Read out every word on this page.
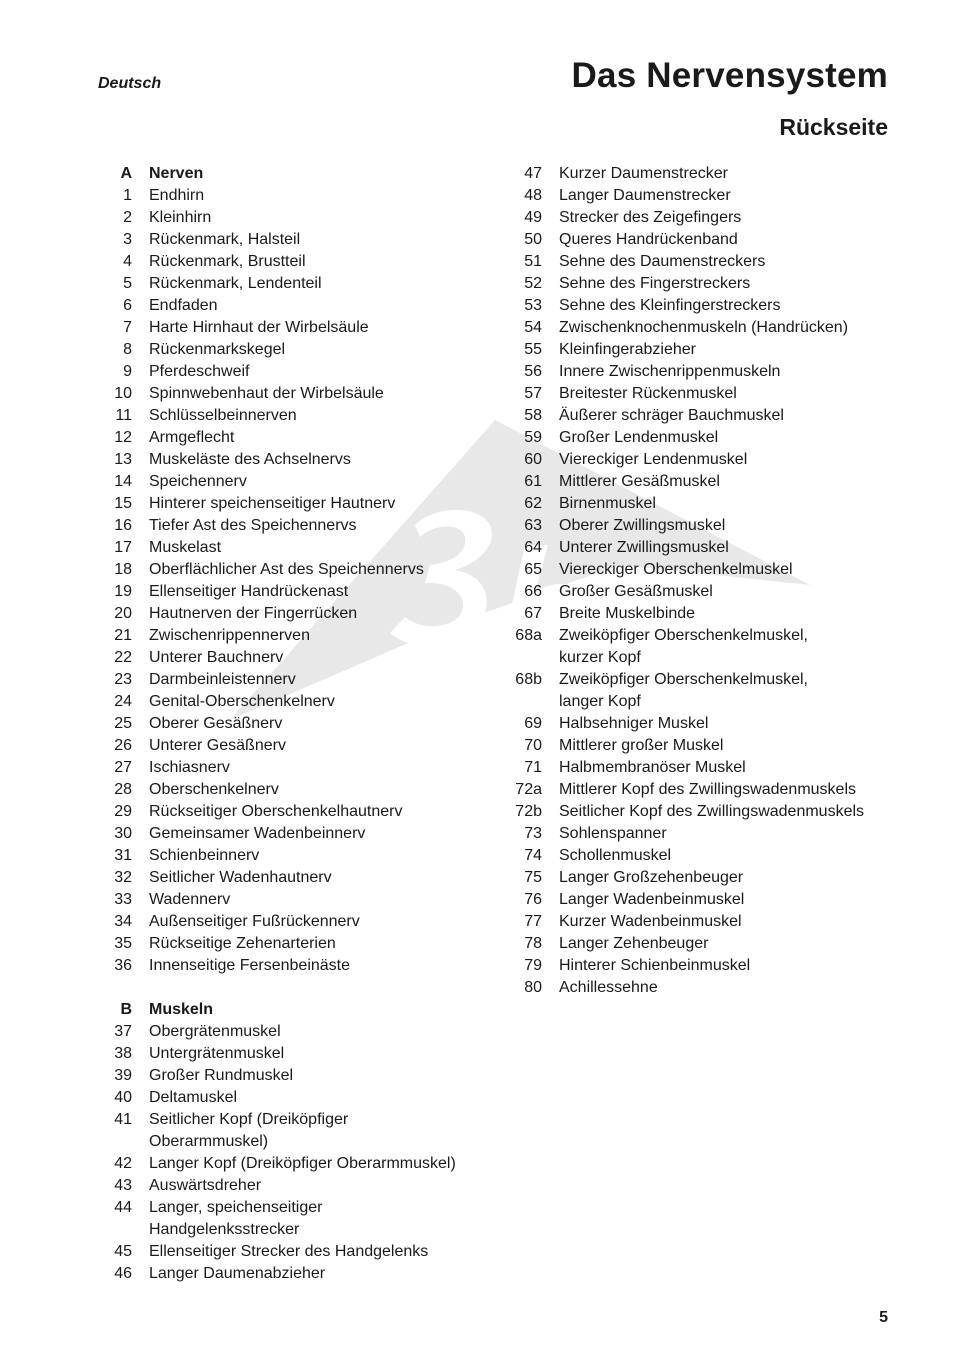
Deutsch	Das Nervensystem
Rückseite
A Nerven
1 Endhirn
2 Kleinhirn
3 Rückenmark, Halsteil
4 Rückenmark, Brustteil
5 Rückenmark, Lendenteil
6 Endfaden
7 Harte Hirnhaut der Wirbelsäule
8 Rückenmarkskegel
9 Pferdeschweif
10 Spinnwebenhaut der Wirbelsäule
11 Schlüsselbeinnerven
12 Armgeflecht
13 Muskeläste des Achselnervs
14 Speichennerv
15 Hinterer speichenseitiger Hautnerv
16 Tiefer Ast des Speichennervs
17 Muskelast
18 Oberflächlicher Ast des Speichennervs
19 Ellenseitiger Handrückenast
20 Hautnerven der Fingerrücken
21 Zwischenrippennerven
22 Unterer Bauchnerv
23 Darmbeinleistennerv
24 Genital-Oberschenkelnerv
25 Oberer Gesäßnerv
26 Unterer Gesäßnerv
27 Ischiasnerv
28 Oberschenkelnerv
29 Rückseitiger Oberschenkelhautnerv
30 Gemeinsamer Wadenbeinnerv
31 Schienbeinnerv
32 Seitlicher Wadenhautnerv
33 Wadennerv
34 Außenseitiger Fußrückennerv
35 Rückseitige Zehenarterien
36 Innenseitige Fersenbeinäste
B Muskeln
37 Obergrätenmuskel
38 Untergrätenmuskel
39 Großer Rundmuskel
40 Deltamuskel
41 Seitlicher Kopf (Dreiköpfiger
Oberarmmuskel)
42 Langer Kopf (Dreiköpfiger Oberarmmuskel)
43 Auswärtsdreher
44 Langer, speichenseitiger
Handgelenksstrecker
45 Ellenseitiger Strecker des Handgelenks
46 Langer Daumenabzieher
47 Kurzer Daumenstrecker
48 Langer Daumenstrecker
49 Strecker des Zeigefingers
50 Queres Handrückenband
51 Sehne des Daumenstreckers
52 Sehne des Fingerstreckers
53 Sehne des Kleinfingerstreckers
54 Zwischenknochenmuskeln (Handrücken)
55 Kleinfingerabzieher
56 Innere Zwischenrippenmuskeln
57 Breitester Rückenmuskel
58 Äußerer schräger Bauchmuskel
59 Großer Lendenmuskel
60 Viereckiger Lendenmuskel
61 Mittlerer Gesäßmuskel
62 Birnenmuskel
63 Oberer Zwillingsmuskel
64 Unterer Zwillingsmuskel
65 Viereckiger Oberschenkelmuskel
66 Großer Gesäßmuskel
67 Breite Muskelbinde
68a Zweiköpfiger Oberschenkelmuskel,
kurzer Kopf
68b Zweiköpfiger Oberschenkelmuskel,
langer Kopf
69 Halbsehniger Muskel
70 Mittlerer großer Muskel
71 Halbmembranöser Muskel
72a Mittlerer Kopf des Zwillingswadenmuskels
72b Seitlicher Kopf des Zwillingswadenmuskels
73 Sohlenspanner
74 Schollenmuskel
75 Langer Großzehenbeuger
76 Langer Wadenbeinmuskel
77 Kurzer Wadenbeinmuskel
78 Langer Zehenbeuger
79 Hinterer Schienbeinmuskel
80 Achillessehne
5
